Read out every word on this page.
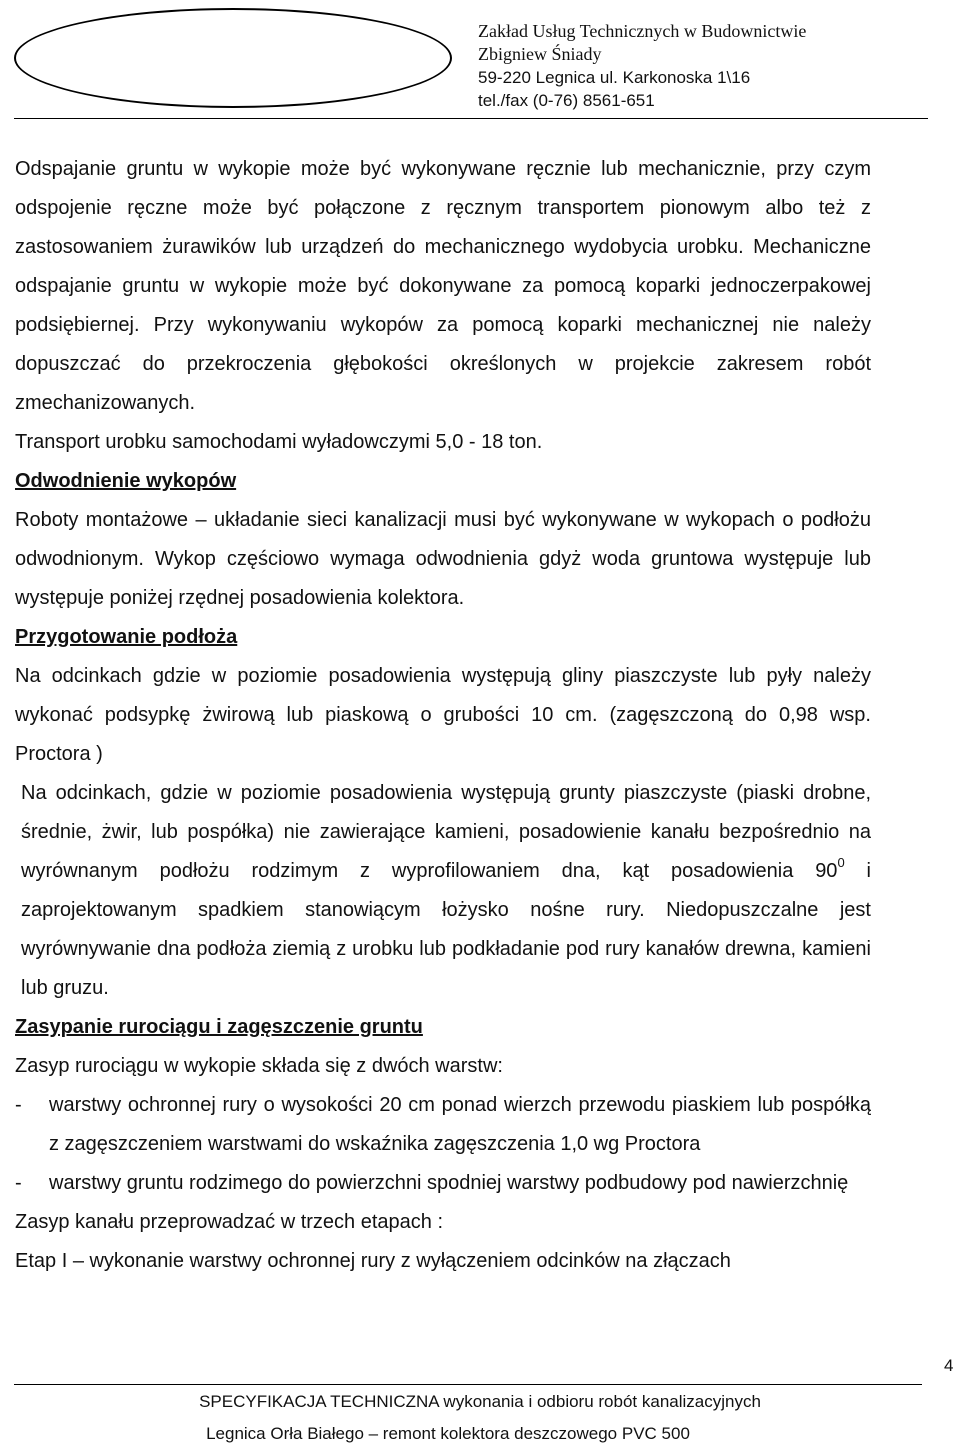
Zakład Usług Technicznych w Budownictwie
Zbigniew Śniady
59-220 Legnica ul. Karkonoska 1\16
tel./fax (0-76) 8561-651
Odspajanie gruntu w wykopie może być wykonywane ręcznie lub mechanicznie, przy czym odspojenie ręczne może być połączone z ręcznym transportem pionowym albo też z zastosowaniem żurawików lub urządzeń do mechanicznego wydobycia urobku. Mechaniczne odspajanie gruntu w wykopie może być dokonywane za pomocą koparki jednoczerpakowej podsiębiernej. Przy wykonywaniu wykopów za pomocą koparki mechanicznej nie należy dopuszczać do przekroczenia głębokości określonych w projekcie zakresem robót zmechanizowanych.
Transport urobku samochodami wyładowczymi 5,0 - 18 ton.
Odwodnienie wykopów
Roboty montażowe – układanie sieci kanalizacji musi być wykonywane w wykopach o podłożu odwodnionym. Wykop częściowo wymaga odwodnienia gdyż woda gruntowa występuje lub występuje poniżej rzędnej posadowienia kolektora.
Przygotowanie podłoża
Na odcinkach gdzie w poziomie posadowienia występują gliny piaszczyste lub pyły należy wykonać podsypkę żwirową lub piaskową o grubości 10 cm. (zagęszczoną do 0,98 wsp. Proctora )
Na odcinkach, gdzie w poziomie posadowienia występują grunty piaszczyste (piaski drobne, średnie, żwir, lub pospółka) nie zawierające kamieni, posadowienie kanału bezpośrednio na wyrównanym podłożu rodzimym z wyprofilowaniem dna, kąt posadowienia $90^0$ i zaprojektowanym spadkiem stanowiącym łożysko nośne rury. Niedopuszczalne jest wyrównywanie dna podłoża ziemią z urobku lub podkładanie pod rury kanałów drewna, kamieni lub gruzu.
Zasypanie rurociągu i zagęszczenie gruntu
Zasyp rurociągu w wykopie składa się z dwóch warstw:
-	warstwy ochronnej rury o wysokości 20 cm ponad wierzch przewodu piaskiem lub pospółką z zagęszczeniem warstwami do wskaźnika zagęszczenia 1,0 wg Proctora
-	warstwy gruntu rodzimego do powierzchni spodniej warstwy podbudowy pod nawierzchnię
Zasyp kanału przeprowadzać w trzech etapach :
Etap I – wykonanie warstwy ochronnej rury z wyłączeniem odcinków na złączach
4
SPECYFIKACJA TECHNICZNA wykonania i odbioru robót kanalizacyjnych
Legnica Orła Białego – remont kolektora deszczowego PVC 500
